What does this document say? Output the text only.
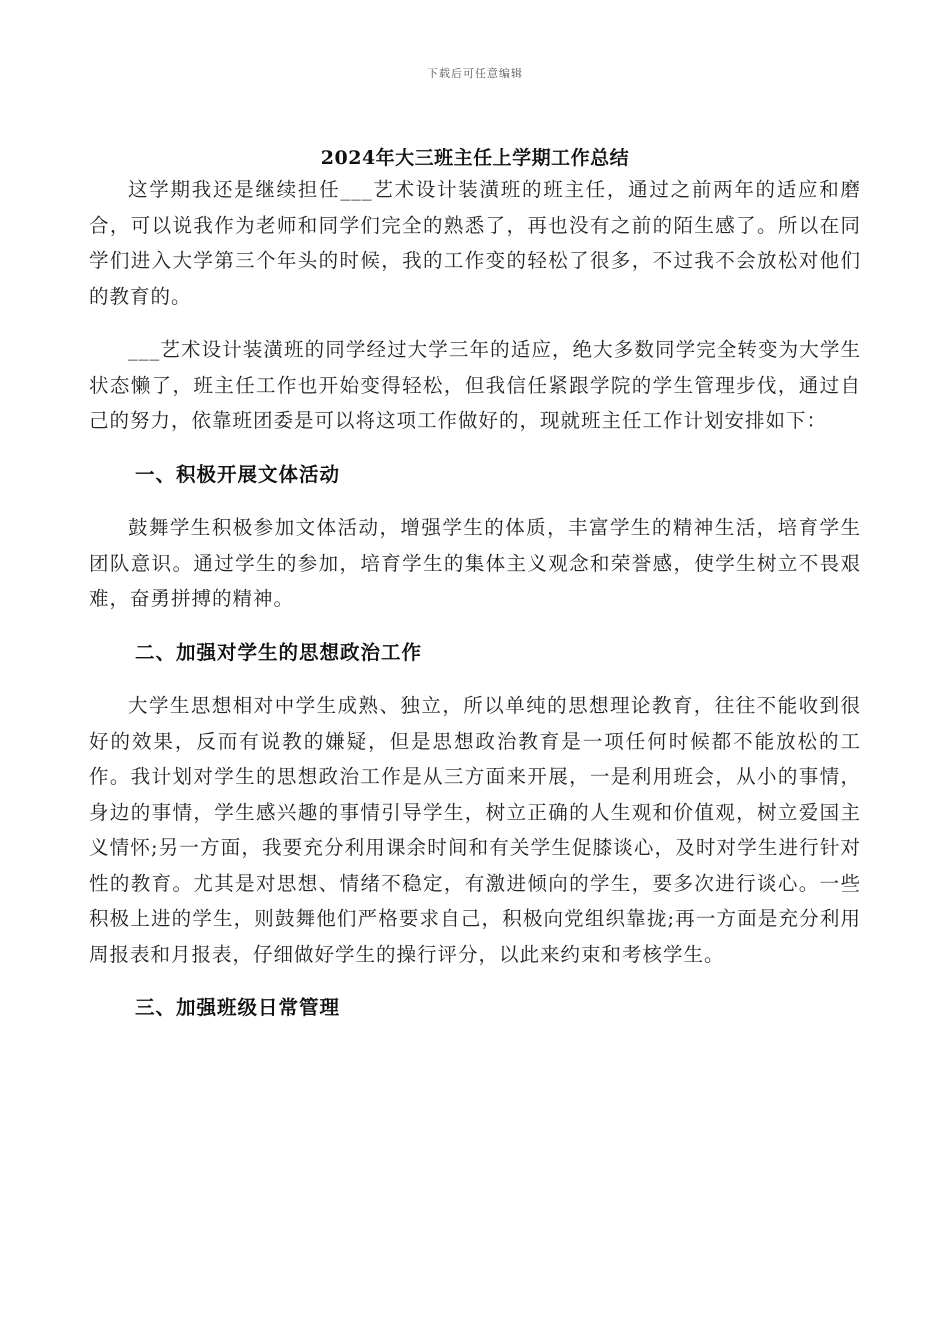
下载后可任意编辑
2024年大三班主任上学期工作总结

这学期我还是继续担任___艺术设计装潢班的班主任，通过之前两年的适应和磨合，可以说我作为老师和同学们完全的熟悉了，再也没有之前的陌生感了。所以在同学们进入大学第三个年头的时候，我的工作变的轻松了很多，不过我不会放松对他们的教育的。

___艺术设计装潢班的同学经过大学三年的适应，绝大多数同学完全转变为大学生状态懒了，班主任工作也开始变得轻松，但我信任紧跟学院的学生管理步伐，通过自己的努力，依靠班团委是可以将这项工作做好的，现就班主任工作计划安排如下：

一、积极开展文体活动

鼓舞学生积极参加文体活动，增强学生的体质，丰富学生的精神生活，培育学生团队意识。通过学生的参加，培育学生的集体主义观念和荣誉感，使学生树立不畏艰难，奋勇拼搏的精神。

二、加强对学生的思想政治工作

大学生思想相对中学生成熟、独立，所以单纯的思想理论教育，往往不能收到很好的效果，反而有说教的嫌疑，但是思想政治教育是一项任何时候都不能放松的工作。我计划对学生的思想政治工作是从三方面来开展，一是利用班会，从小的事情，身边的事情，学生感兴趣的事情引导学生，树立正确的人生观和价值观，树立爱国主义情怀;另一方面，我要充分利用课余时间和有关学生促膝谈心，及时对学生进行针对性的教育。尤其是对思想、情绪不稳定，有激进倾向的学生，要多次进行谈心。一些积极上进的学生，则鼓舞他们严格要求自己，积极向党组织靠拢;再一方面是充分利用周报表和月报表，仔细做好学生的操行评分，以此来约束和考核学生。

三、加强班级日常管理
